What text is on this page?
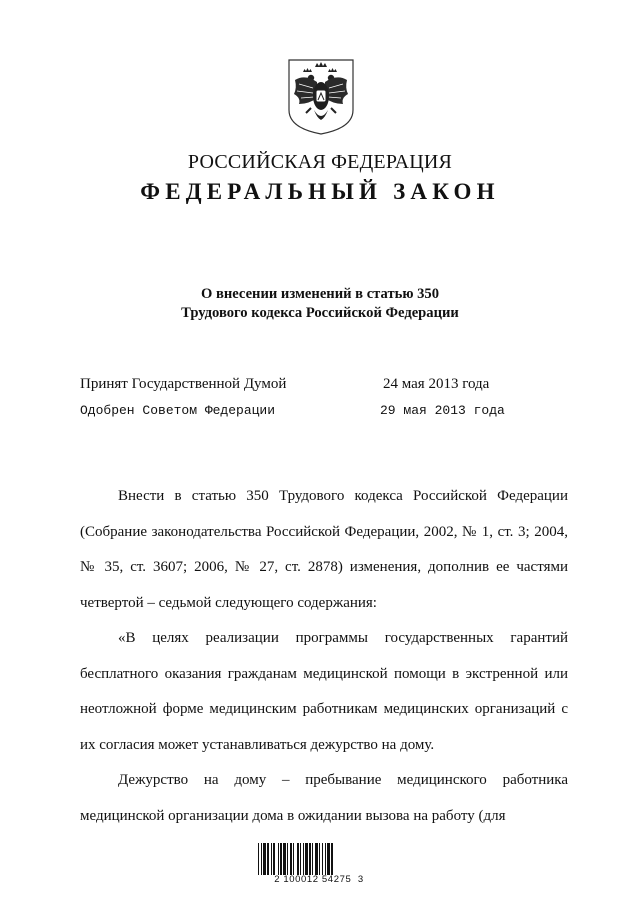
РОССИЙСКАЯ ФЕДЕРАЦИЯ
ФЕДЕРАЛЬНЫЙ ЗАКОН
О внесении изменений в статью 350
Трудового кодекса Российской Федерации
Принят Государственной Думой	24 мая 2013 года
Одобрен Советом Федерации	29 мая 2013 года

Внести в статью 350 Трудового кодекса Российской Федерации (Собрание законодательства Российской Федерации, 2002, № 1, ст. 3; 2004, № 35, ст. 3607; 2006, № 27, ст. 2878) изменения, дополнив ее частями четвертой – седьмой следующего содержания:

«В целях реализации программы государственных гарантий бесплатного оказания гражданам медицинской помощи в экстренной или неотложной форме медицинским работникам медицинских организаций с их согласия может устанавливаться дежурство на дому.

Дежурство на дому – пребывание медицинского работника медицинской организации дома в ожидании вызова на работу (для

2 100012 54275  3
